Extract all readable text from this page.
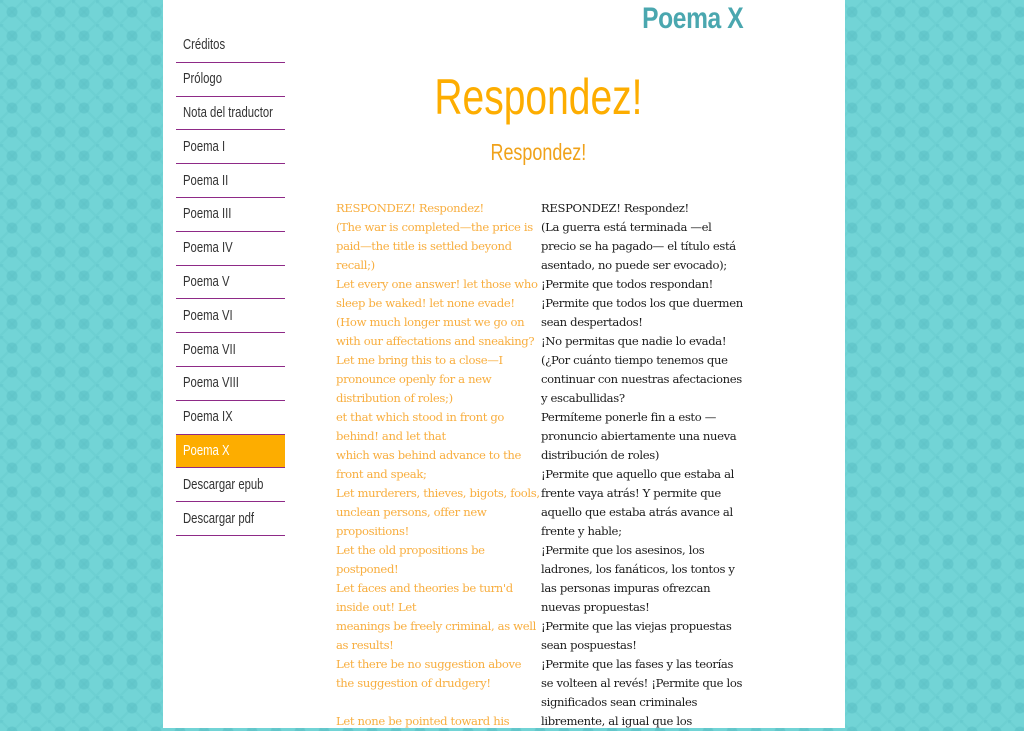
Poema X
Créditos
Prólogo
Nota del traductor
Poema I
Poema II
Poema III
Poema IV
Poema V
Poema VI
Poema VII
Poema VIII
Poema IX
Poema X
Descargar epub
Descargar pdf
Respondez!
Respondez!

RESPONDEZ! Respondez!

(The war is completed—the price is paid—the title is settled beyond recall;)

Let every one answer! let those who sleep be waked! let none evade!

(How much longer must we go on with our affectations and sneaking?

Let me bring this to a close—I pronounce openly for a new distribution of roles;)

et that which stood in front go behind! and let that

which was behind advance to the front and speak;

Let murderers, thieves, bigots, fools, unclean persons, offer new propositions!

Let the old propositions be postponed!

Let faces and theories be turn'd inside out! Let

meanings be freely criminal, as well as results!

Let there be no suggestion above the suggestion of drudgery!

Let none be pointed toward his

RESPONDEZ! Respondez!

(La guerra está terminada —el precio se ha pagado— el título está asentado, no puede ser evocado);

¡Permite que todos respondan!

¡Permite que todos los que duermen sean despertados!

¡No permitas que nadie lo evada!

(¿Por cuánto tiempo tenemos que continuar con nuestras afectaciones y escabullidas?

Permíteme ponerle fin a esto — pronuncio abiertamente una nueva distribución de roles)

¡Permite que aquello que estaba al frente vaya atrás! Y permite que aquello que estaba atrás avance al frente y hable;

¡Permite que los asesinos, los ladrones, los fanáticos, los tontos y las personas impuras ofrezcan nuevas propuestas!

¡Permite que las viejas propuestas sean pospuestas!

¡Permite que las fases y las teorías se volteen al revés! ¡Permite que los significados sean criminales libremente, al igual que los
